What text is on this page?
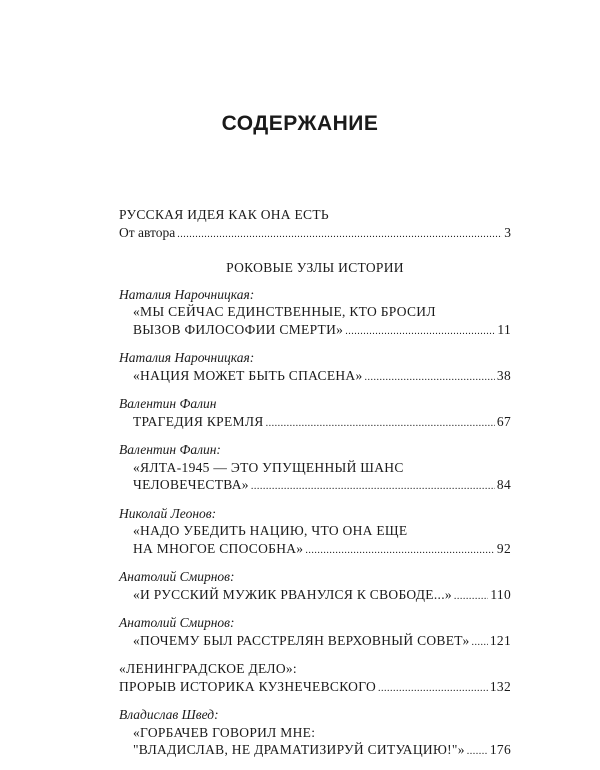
СОДЕРЖАНИЕ
РУССКАЯ ИДЕЯ КАК ОНА ЕСТЬ
От автора .....	3
РОКОВЫЕ УЗЛЫ ИСТОРИИ
Наталия Нарочницкая:
«МЫ СЕЙЧАС ЕДИНСТВЕННЫЕ, КТО БРОСИЛ
ВЫЗОВ ФИЛОСОФИИ СМЕРТИ» .....	11
Наталия Нарочницкая:
«НАЦИЯ МОЖЕТ БЫТЬ СПАСЕНА» .....	38
Валентин Фалин
ТРАГЕДИЯ КРЕМЛЯ .....	67
Валентин Фалин:
«ЯЛТА-1945 — ЭТО УПУЩЕННЫЙ ШАНС
ЧЕЛОВЕЧЕСТВА» .....	84
Николай Леонов:
«НАДО УБЕДИТЬ НАЦИЮ, ЧТО ОНА ЕЩЕ
НА МНОГОЕ СПОСОБНА» .....	92
Анатолий Смирнов:
«И РУССКИЙ МУЖИК РВАНУЛСЯ К СВОБОДЕ...» .....	110
Анатолий Смирнов:
«ПОЧЕМУ БЫЛ РАССТРЕЛЯН ВЕРХОВНЫЙ СОВЕТ» ..... 121
«ЛЕНИНГРАДСКОЕ ДЕЛО»:
ПРОРЫВ ИСТОРИКА КУЗНЕЧЕВСКОГО .....	132
Владислав Швед:
«ГОРБАЧЕВ ГОВОРИЛ МНЕ:
"ВЛАДИСЛАВ, НЕ ДРАМАТИЗИРУЙ СИТУАЦИЮ!"» ..... 176
